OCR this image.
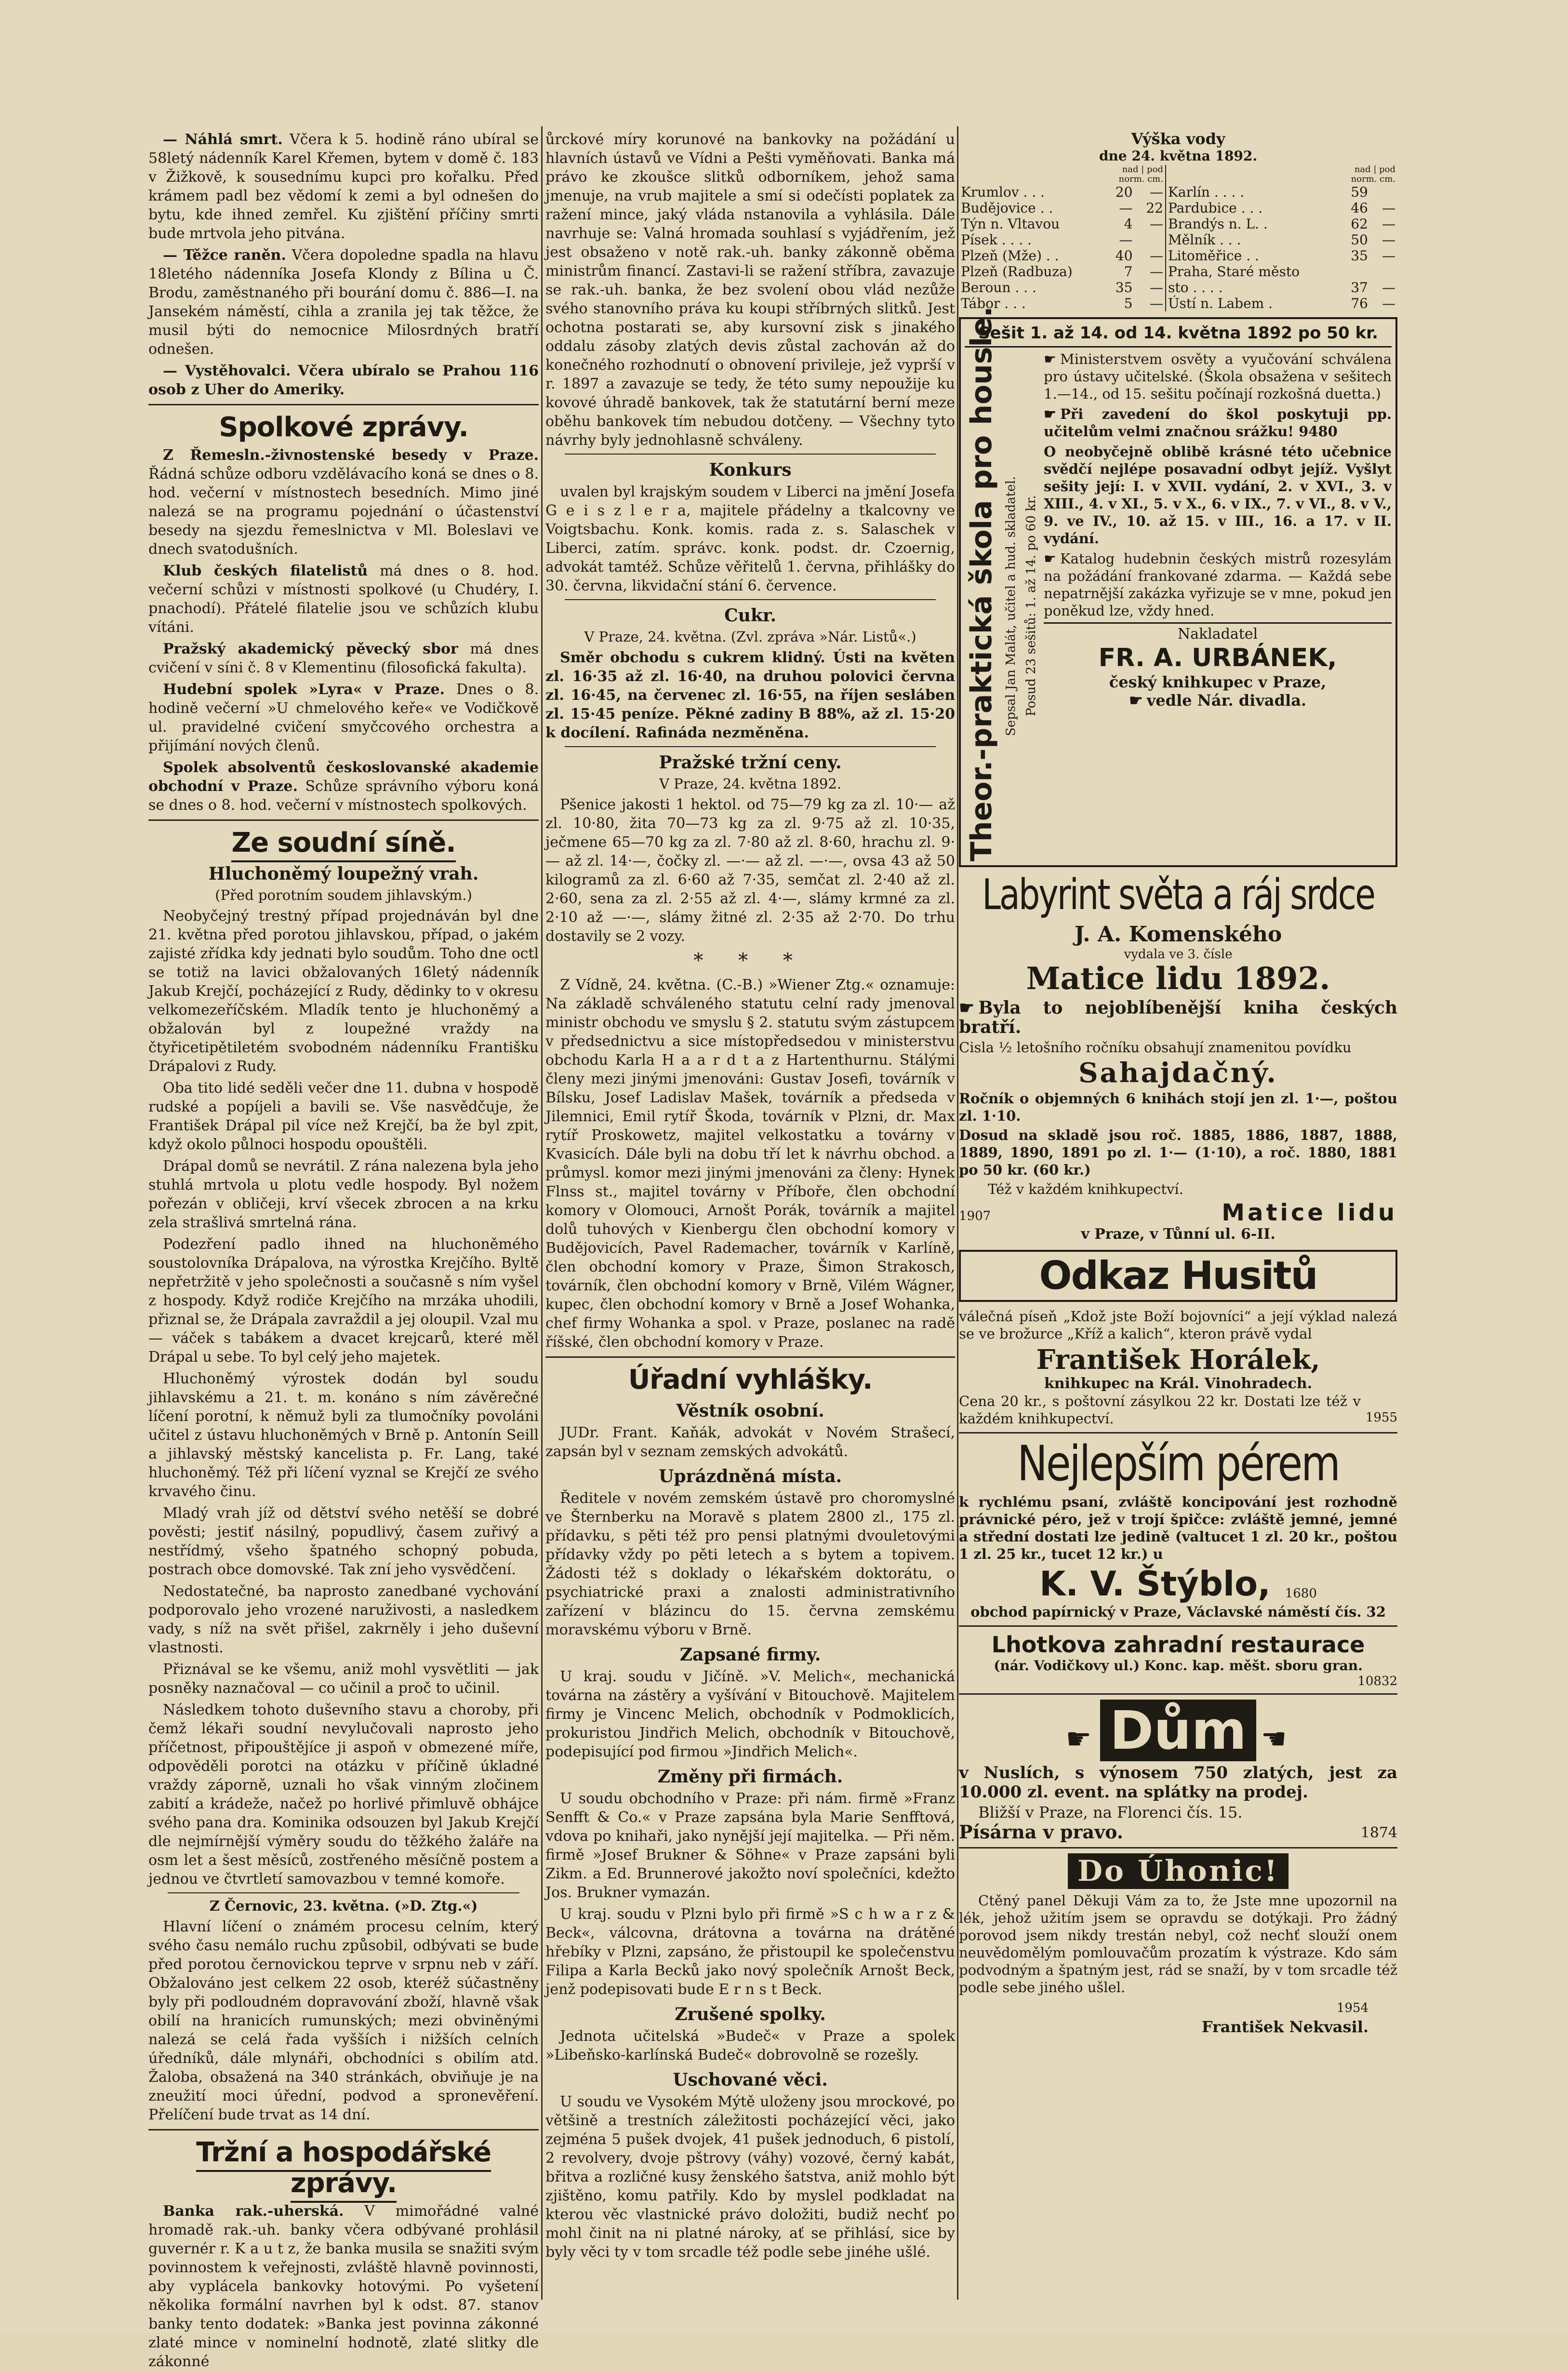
— Náhlá smrt. Včera k 5. hodině ráno ubíral se 58letý nádenník Karel Křemen, bytem v domě č. 183 v Žižkově, k sousednímu kupci pro kořalku. Před krámem padl bez vědomí k zemi a byl odnešen do bytu, kde ihned zemřel. Ku zjištění příčiny smrti bude mrtvola jeho pitvána.

— Těžce raněn. Včera dopoledne spadla na hlavu 18letého nádenníka Josefa Klondy z Bílina u Č. Brodu, zaměstnaného při bourání domu č. 886—I. na Jansekém náměstí, cihla a zranila jej tak těžce, že musil býti do nemocnice Milosrdných bratří odnešen.

— Vystěhovalci. Včera ubíralo se Prahou 116 osob z Uher do Ameriky.

Spolkové zprávy.

Z Řemesln.-živnostenské besedy v Praze. Řádná schůze odboru vzdělávacího koná se dnes o 8. hod. večerní v místnostech besedních. Mimo jiné nalezá se na programu pojednání o účastenství besedy na sjezdu řemeslnictva v Ml. Boleslavi ve dnech svatodušních.

Klub českých filatelistů má dnes o 8. hod. večerní schůzi v místnosti spolkové (u Chudéry, I. pnachodí). Přátelé filatelie jsou ve schůzích klubu vítáni.

Pražský akademický pěvecký sbor má dnes cvičení v síni č. 8 v Klementinu (filosofická fakulta).

Hudební spolek »Lyra« v Praze. Dnes o 8. hodině večerní »U chmelového keře« ve Vodičkově ul. pravidelné cvičení smyčcového orchestra a přijímání nových členů.

Spolek absolventů českoslovanské akademie obchodní v Praze. Schůze správního výboru koná se dnes o 8. hod. večerní v místnostech spolkových.

Ze soudní síně.
Hluchoněmý loupežný vrah.
(Před porotním soudem jihlavským.)

Neobyčejný trestný případ projednáván byl dne 21. května před porotou jihlavskou, případ, o jakém zajisté zřídka kdy jednati bylo soudům. Toho dne octl se totiž na lavici obžalovaných 16letý nádenník Jakub Krejčí, pocházející z Rudy, dědinky to v okresu velkomezeříčském. Mladík tento je hluchoněmý a obžalován byl z loupežné vraždy na čtyřicetipětiletém svobodném nádenníku Františku Drápalovi z Rudy.

Oba tito lidé seděli večer dne 11. dubna v hospodě rudské a popíjeli a bavili se. Vše nasvědčuje, že František Drápal pil více než Krejčí, ba že byl zpit, když okolo půlnoci hospodu opouštěli.

Drápal domů se nevrátil. Z rána nalezena byla jeho stuhlá mrtvola u plotu vedle hospody. Byl nožem pořezán v obličeji, krví všecek zbrocen a na krku zela strašlivá smrtelná rána.

Podezření padlo ihned na hluchoněmého soustolovníka Drápalova, na výrostka Krejčího. Byltě nepřetržitě v jeho společnosti a současně s ním vyšel z hospody. Když rodiče Krejčího na mrzáka uhodili, přiznal se, že Drápala zavraždil a jej oloupil. Vzal mu — váček s tabákem a dvacet krejcarů, které měl Drápal u sebe. To byl celý jeho majetek.

Hluchoněmý výrostek dodán byl soudu jihlavskému a 21. t. m. konáno s ním závěrečné líčení porotní, k němuž byli za tlumočníky povoláni učitel z ústavu hluchoněmých v Brně p. Antonín Seill a jihlavský městský kancelista p. Fr. Lang, také hluchoněmý. Též při líčení vyznal se Krejčí ze svého krvavého činu.

Mladý vrah jíž od dětství svého netěší se dobré pověsti; jestiť násilný, popudlivý, časem zuřivý a nestřídmý, všeho špatného schopný pobuda, postrach obce domovské. Tak zní jeho vysvědčení.

Nedostatečné, ba naprosto zanedbané vychování podporovalo jeho vrozené naruživosti, a nasledkem vady, s níž na svět přišel, zakrněly i jeho duševní vlastnosti.

Přiznával se ke všemu, aniž mohl vysvětliti — jak posněky naznačoval — co učinil a proč to učinil.

Následkem tohoto duševního stavu a choroby, při čemž lékaři soudní nevylučovali naprosto jeho příčetnost, připouštějíce ji aspoň v obmezené míře, odpověděli porotci na otázku v příčině úkladné vraždy záporně, uznali ho však vinným zločinem zabití a krádeže, načež po horlivé přimluvě obhájce svého pana dra. Kominika odsouzen byl Jakub Krejčí dle nejmírnější výměry soudu do těžkého žaláře na osm let a šest měsíců, zostřeného měsíčně postem a jednou ve čtvrtletí samovazbou v temné komoře.

Z Černovic, 23. května. (»D. Ztg.«)

Hlavní líčení o známém procesu celním, který svého času nemálo ruchu způsobil, odbývati se bude před porotou černovickou teprve v srpnu neb v září. Obžalováno jest celkem 22 osob, kteréž súčastněny byly při podloudném dopravování zboží, hlavně však obilí na hranicích rumunských; mezi obviněnými nalezá se celá řada vyšších i nižších celních úředníků, dále mlynáři, obchodníci s obilím atd. Žaloba, obsažená na 340 stránkách, obviňuje je na zneužití moci úřední, podvod a spronevěření. Přelíčení bude trvat as 14 dní.

Tržní a hospodářské zprávy.

Banka rak.-uherská. V mimořádné valné hromadě rak.-uh. banky včera odbývané prohlásil guvernér r. K a u t z, že banka musila se snažiti svým povinnostem k veřejnosti, zvláště hlavně povinnosti, aby vyplácela bankovky hotovými. Po vyšetení několika formální navrhen byl k odst. 87. stanov banky tento dodatek: »Banka jest povinna zákonné zlaté mince v nominelní hodnotě, zlaté slitky dle zákonné

ůrckové míry korunové na bankovky na požádání u hlavních ústavů ve Vídni a Pešti vyměňovati. Banka má právo ke zkoušce slitků odborníkem, jehož sama jmenuje, na vrub majitele a smí si odečísti poplatek za ražení mince, jaký vláda nstanovila a vyhlásila. Dále navrhuje se: Valná hromada souhlasí s vyjádřením, jež jest obsaženo v notě rak.-uh. banky zákonně oběma ministrům financí. Zastavi-li se ražení stříbra, zavazuje se rak.-uh. banka, že bez svolení obou vlád nezůže svého stanovního práva ku koupi stříbrných slitků. Jest ochotna postarati se, aby kursovní zisk s jinakého oddalu zásoby zlatých devis zůstal zachován až do konečného rozhodnutí o obnovení privileje, jež vyprší v r. 1897 a zavazuje se tedy, že této sumy nepoužije ku kovové úhradě bankovek, tak že statutární berní meze oběhu bankovek tím nebudou dotčeny. — Všechny tyto návrhy byly jednohlasně schváleny.

Konkurs

uvalen byl krajským soudem v Liberci na jmění Josefa G e i s z l e r a, majitele přádelny a tkalcovny ve Voigtsbachu. Konk. komis. rada z. s. Salaschek v Liberci, zatím. správc. konk. podst. dr. Czoernig, advokát tamtéž. Schůze věřitelů 1. června, přihlášky do 30. června, likvidační stání 6. července.

Cukr.
V Praze, 24. května. (Zvl. zpráva »Nár. Listů«.)

Směr obchodu s cukrem klidný. Ústi na květen zl. 16·35 až zl. 16·40, na druhou polovici června zl. 16·45, na červenec zl. 16·55, na říjen sesláben zl. 15·45 peníze. Pěkné zadiny B 88%, až zl. 15·20 k docílení. Rafináda nezměněna.

Pražské tržní ceny.
V Praze, 24. května 1892.

Pšenice jakosti 1 hektol. od 75—79 kg za zl. 10·— až zl. 10·80, žita 70—73 kg za zl. 9·75 až zl. 10·35, ječmene 65—70 kg za zl. 7·80 až zl. 8·60, hrachu zl. 9·— až zl. 14·—, čočky zl. —·— až zl. —·—, ovsa 43 až 50 kilogramů za zl. 6·60 až 7·35, semčat zl. 2·40 až zl. 2·60, sena za zl. 2·55 až zl. 4·—, slámy krmné za zl. 2·10 až —·—, slámy žitné zl. 2·35 až 2·70. Do trhu dostavily se 2 vozy.

* * *

Z Vídně, 24. května. (C.-B.) »Wiener Ztg.« oznamuje: Na základě schváleného statutu celní rady jmenoval ministr obchodu ve smyslu § 2. statutu svým zástupcem v předsednictvu a sice místopředsedou v ministerstvu obchodu Karla H a a r d t a z Hartenthurnu. Stálými členy mezi jinými jmenováni: Gustav Josefi, továrník v Bílsku, Josef Ladislav Mašek, továrník a předseda v Jilemnici, Emil rytíř Škoda, továrník v Plzni, dr. Max rytíř Proskowetz, majitel velkostatku a továrny v Kvasicích. Dále byli na dobu tří let k návrhu obchod. a průmysl. komor mezi jinými jmenováni za členy: Hynek Flnss st., majitel továrny v Příboře, člen obchodní komory v Olomouci, Arnošt Porák, továrník a majitel dolů tuhových v Kienbergu člen obchodní komory v Budějovicích, Pavel Rademacher, továrník v Karlíně, člen obchodní komory v Praze, Šimon Strakosch, továrník, člen obchodní komory v Brně, Vilém Wágner, kupec, člen obchodní komory v Brně a Josef Wohanka, chef firmy Wohanka a spol. v Praze, poslanec na radě říšské, člen obchodní komory v Praze.

Úřadní vyhlášky.
Věstník osobní.

JUDr. Frant. Kaňák, advokát v Novém Strašecí, zapsán byl v seznam zemských advokátů.

Uprázdněná místa.

Ředitele v novém zemském ústavě pro choromyslné ve Šternberku na Moravě s platem 2800 zl., 175 zl. přídavku, s pěti též pro pensi platnými dvouletovými přídavky vždy po pěti letech a s bytem a topivem. Žádosti též s doklady o lékařském doktorátu, o psychiatrické praxi a znalosti administrativního zařízení v blázincu do 15. června zemskému moravskému výboru v Brně.

Zapsané firmy.

U kraj. soudu v Jičíně. »V. Melich«, mechanická továrna na zástěry a vyšívání v Bitouchově. Majitelem firmy je Vincenc Melich, obchodník v Podmoklicích, prokuristou Jindřich Melich, obchodník v Bitouchově, podepisující pod firmou »Jindřich Melich«.

Změny při firmách.

U soudu obchodního v Praze: při nám. firmě »Franz Senfft & Co.« v Praze zapsána byla Marie Senfftová, vdova po knihaři, jako nynější její majitelka. — Při něm. firmě »Josef Brukner & Söhne« v Praze zapsáni byli Zikm. a Ed. Brunnerové jakožto noví společníci, kdežto Jos. Brukner vymazán.

U kraj. soudu v Plzni bylo při firmě »S c h w a r z & Beck«, válcovna, drátovna a továrna na drátěné hřebíky v Plzni, zapsáno, že přistoupil ke společenstvu Filipa a Karla Becků jako nový společník Arnošt Beck, jenž podepisovati bude E r n s t Beck.

Zrušené spolky.

Jednota učitelská »Budeč« v Praze a spolek »Libeňsko-karlínská Budeč« dobrovolně se rozešly.

Uschované věci.

U soudu ve Vysokém Mýtě uloženy jsou mrockové, po většině a trestních záležitosti pocházející věci, jako zejména 5 pušek dvojek, 41 pušek jednoduch, 6 pistolí, 2 revolvery, dvoje pštrovy (váhy) vozové, černý kabát, břitva a rozličné kusy ženského šatstva, aniž mohlo být zjištěno, komu patřily. Kdo by myslel podkladat na kterou věc vlastnické právo doložiti, budiž nechť po mohl činit na ni platné nároky, ať se přihlásí, sice by byly věci ty v tom srcadle též podle sebe jinéhe ušlé.

Výška vody
dne 24. května 1892.
	nad | pod
norm. cm.			nad | pod
norm. cm.	
Krumlov . . .	20	—	Karlín . . . .	59	
Budějovice . .	—	22	Pardubice . . .	46	—
Týn n. Vltavou	4	—	Brandýs n. L. .	62	—
Písek . . . .	—		Mělník . . .	50	—
Plzeň (Mže) . .	40	—	Litoměřice . .	35	—
Plzeň (Radbuza)	7	—	Praha, Staré město		
Beroun . . .	35	—	sto . . . .	37	—
Tábor . . .	5	—	Ústí n. Labem .	76	—
Sešit 1. až 14. od 14. května 1892 po 50 kr.
Theor.-praktická škola pro housle. Sepsal Jan Malát, učitel a hud. skladatel. Posud 23 sešitů: 1. až 14. po 60 kr.

☛ Ministerstvem osvěty a vyučování schválena pro ústavy učitelské. (Škola obsažena v sešitech 1.—14., od 15. sešitu počínají rozkošná duetta.)

☛ Při zavedení do škol poskytuji pp. učitelům velmi značnou srážku! 9480

O neobyčejně oblibě krásné této učebnice svědčí nejlépe posavadní odbyt jejíž. Vyšlyt sešity její: I. v XVII. vydání, 2. v XVI., 3. v XIII., 4. v XI., 5. v X., 6. v IX., 7. v VI., 8. v V., 9. ve IV., 10. až 15. v III., 16. a 17. v II. vydání.

☛ Katalog hudebnin českých mistrů rozesylám na požádání frankované zdarma. — Každá sebe nepatrnější zakázka vyřizuje se v mne, pokud jen poněkud lze, vždy hned.

Nakladatel
FR. A. URBÁNEK,
český knihkupec v Praze,
☛ vedle Nár. divadla.
Labyrint světa a ráj srdce
J. A. Komenského
vydala ve 3. čísle
Matice lidu 1892.

☛ Byla to nejoblíbenější kniha českých bratří.

Cisla ½ letošního ročníku obsahují znamenitou povídku

Sahajdačný.

Ročník o objemných 6 knihách stojí jen zl. 1·—, poštou zl. 1·10.

Dosud na skladě jsou roč. 1885, 1886, 1887, 1888, 1889, 1890, 1891 po zl. 1·— (1·10), a roč. 1880, 1881 po 50 kr. (60 kr.)

Též v každém knihkupectví.

1907	Matice lidu
v Praze, v Tůnní ul. 6-II.
Odkaz Husitů

válečná píseň „Kdož jste Boží bojovníci“ a její výklad nalezá se ve brožurce „Kříž a kalich“, kteron právě vydal

František Horálek,
knihkupec na Král. Vinohradech.
Cena 20 kr., s poštovní zásylkou 22 kr. Dostati lze též v každém knihkupectví.	1955
Nejlepším pérem

k rychlému psaní, zvláště koncipování jest rozhodně právnické péro, jež v trojí špičce: zvláště jemné, jemné a střední dostati lze jedině (valtucet 1 zl. 20 kr., poštou 1 zl. 25 kr., tucet 12 kr.) u

K. V. Štýblo, 1680
obchod papírnický v Praze, Václavské náměstí čís. 32
Lhotkova zahradní restaurace
(nár. Vodičkovy ul.) Konc. kap. měšt. sboru gran.
10832
☛ Dům ☚

v Nuslích, s výnosem 750 zlatých, jest za 10.000 zl. event. na splátky na prodej.

Bližší v Praze, na Florenci čís. 15.

Písárna v pravo.	1874
Do Úhonic!

Ctěný panel Děkuji Vám za to, že Jste mne upozornil na lék, jehož užitím jsem se opravdu se dotýkaji. Pro žádný porovod jsem nikdy trestán nebyl, což nechť slouží onem neuvědomělým pomlouvačům prozatím k výstraze. Kdo sám podvodným a špatným jest, rád se snaží, by v tom srcadle též podle sebe jiného ušlel.

1954
František Nekvasil.
